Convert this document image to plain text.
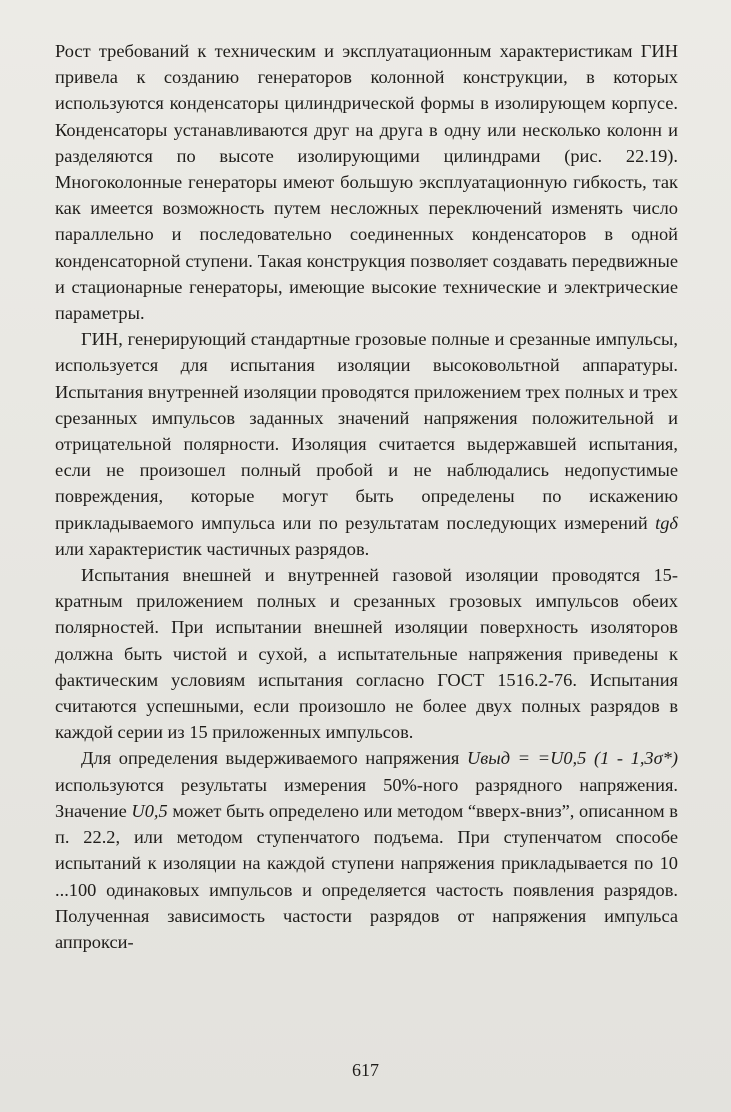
Рост требований к техническим и эксплуатационным характеристикам ГИН привела к созданию генераторов колонной конструкции, в которых используются конденсаторы цилиндрической формы в изолирующем корпусе. Конденсаторы устанавливаются друг на друга в одну или несколько колонн и разделяются по высоте изолирующими цилиндрами (рис. 22.19). Многоколонные генераторы имеют большую эксплуатационную гибкость, так как имеется возможность путем несложных переключений изменять число параллельно и последовательно соединенных конденсаторов в одной конденсаторной ступени. Такая конструкция позволяет создавать передвижные и стационарные генераторы, имеющие высокие технические и электрические параметры.

ГИН, генерирующий стандартные грозовые полные и срезанные импульсы, используется для испытания изоляции высоковольтной аппаратуры. Испытания внутренней изоляции проводятся приложением трех полных и трех срезанных импульсов заданных значений напряжения положительной и отрицательной полярности. Изоляция считается выдержавшей испытания, если не произошел полный пробой и не наблюдались недопустимые повреждения, которые могут быть определены по искажению прикладываемого импульса или по результатам последующих измерений tgδ или характеристик частичных разрядов.

Испытания внешней и внутренней газовой изоляции проводятся 15-кратным приложением полных и срезанных грозовых импульсов обеих полярностей. При испытании внешней изоляции поверхность изоляторов должна быть чистой и сухой, а испытательные напряжения приведены к фактическим условиям испытания согласно ГОСТ 1516.2-76. Испытания считаются успешными, если произошло не более двух полных разрядов в каждой серии из 15 приложенных импульсов.

Для определения выдерживаемого напряжения Uвыд = =U0,5 (1 - 1,3σ*) используются результаты измерения 50%-ного разрядного напряжения. Значение U0,5 может быть определено или методом “вверх-вниз”, описанном в п. 22.2, или методом ступенчатого подъема. При ступенчатом способе испытаний к изоляции на каждой ступени напряжения прикладывается по 10 ...100 одинаковых импульсов и определяется частость появления разрядов. Полученная зависимость частости разрядов от напряжения импульса аппрокси-

617
